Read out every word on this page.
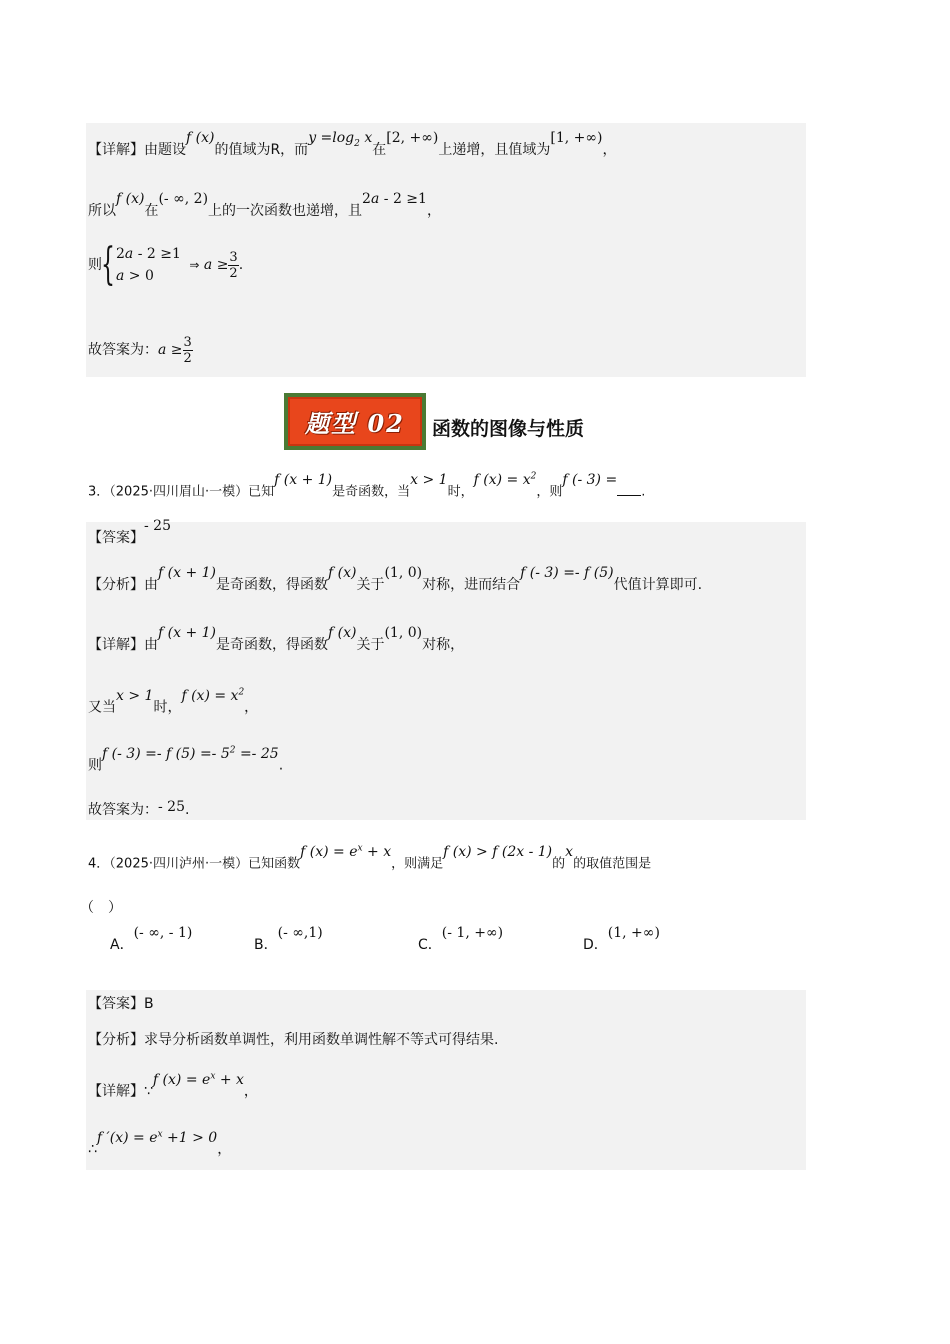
【详解】由题设f (x)的值域为R，而$y =\log_2$ x在[2, +∞)上递增，且值域为[1, +∞)，
所以f (x)在(- ∞, 2)上的一次函数也递增，且2a - 2 ≥1，
则{ 2a - 2 ≥1
a > 0
⇒ $a \ge \frac{3}{2}$ .
故答案为：$a \ge \frac{3}{2}$
题型 02 函数的图像与性质
3．（2025·四川眉山·一模）已知f (x + 1)是奇函数，当x > 1时，f $(x) = x^2$，则f (- 3) =.
【答案】- 25
【分析】由f (x + 1)是奇函数，得函数f (x)关于(1, 0)对称，进而结合f (- 3) =- f (5)代值计算即可.
【详解】由f (x + 1)是奇函数，得函数f (x)关于(1, 0)对称，
又当x > 1时，f $(x) = x^2$，
则f (- 3) =- f $(5) =- 5^2 =- 25$.
故答案为：- 25.
4．（2025·四川泸州·一模）已知函数f $(x) = e^x + x$，则满足f (x) > f (2x - 1)的x的取值范围是
（　）
A．(- ∞, - 1)
B．(- ∞,1)
C．(- 1, +∞)
D．(1, +∞)
【答案】B
【分析】求导分析函数单调性，利用函数单调性解不等式可得结果.
【详解】∵f $(x) = e^x + x$，
∴f $'(x) = e^x +1 > 0$，
